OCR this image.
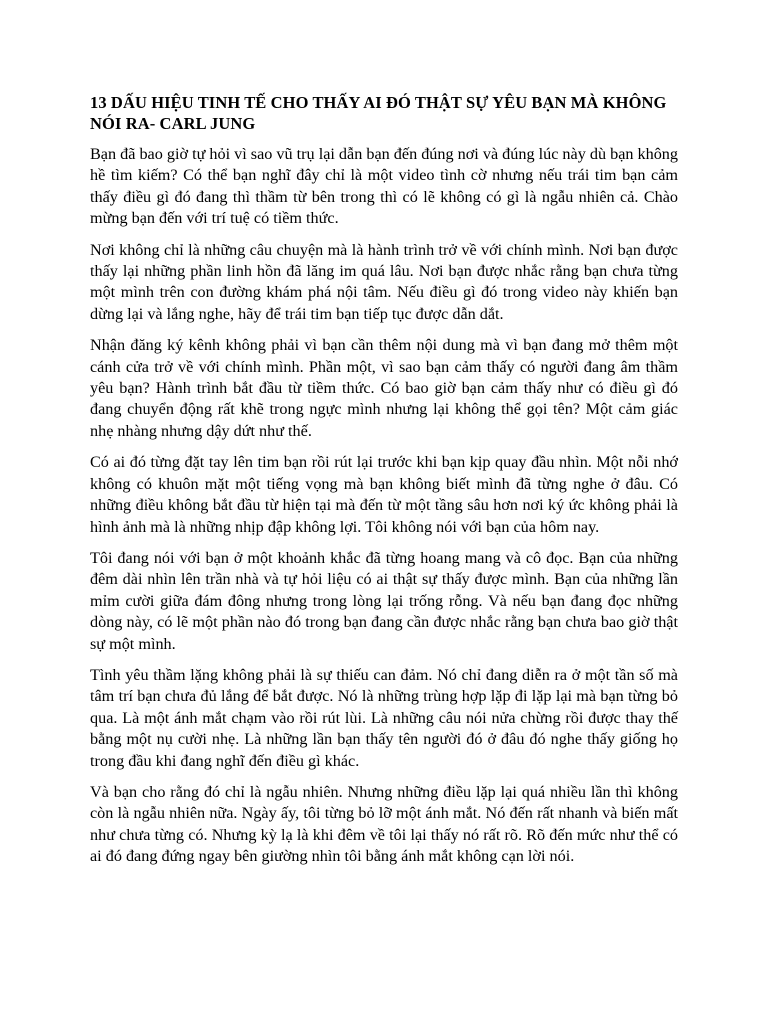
13 DẤU HIỆU TINH TẾ CHO THẤY AI ĐÓ THẬT SỰ YÊU BẠN MÀ KHÔNG NÓI RA- CARL JUNG

Bạn đã bao giờ tự hỏi vì sao vũ trụ lại dẫn bạn đến đúng nơi và đúng lúc này dù bạn không hề tìm kiếm? Có thể bạn nghĩ đây chỉ là một video tình cờ nhưng nếu trái tim bạn cảm thấy điều gì đó đang thì thầm từ bên trong thì có lẽ không có gì là ngẫu nhiên cả. Chào mừng bạn đến với trí tuệ có tiềm thức.

Nơi không chỉ là những câu chuyện mà là hành trình trở về với chính mình. Nơi bạn được thấy lại những phần linh hồn đã lăng im quá lâu. Nơi bạn được nhắc rằng bạn chưa từng một mình trên con đường khám phá nội tâm. Nếu điều gì đó trong video này khiến bạn dừng lại và lắng nghe, hãy để trái tim bạn tiếp tục được dẫn dắt.

Nhận đăng ký kênh không phải vì bạn cần thêm nội dung mà vì bạn đang mở thêm một cánh cửa trở về với chính mình. Phần một, vì sao bạn cảm thấy có người đang âm thầm yêu bạn? Hành trình bắt đầu từ tiềm thức. Có bao giờ bạn cảm thấy như có điều gì đó đang chuyển động rất khẽ trong ngực mình nhưng lại không thể gọi tên? Một cảm giác nhẹ nhàng nhưng dậy dứt như thế.

Có ai đó từng đặt tay lên tim bạn rồi rút lại trước khi bạn kịp quay đầu nhìn. Một nỗi nhớ không có khuôn mặt một tiếng vọng mà bạn không biết mình đã từng nghe ở đâu. Có những điều không bắt đầu từ hiện tại mà đến từ một tầng sâu hơn nơi ký ức không phải là hình ảnh mà là những nhịp đập không lợi. Tôi không nói với bạn của hôm nay.

Tôi đang nói với bạn ở một khoảnh khắc đã từng hoang mang và cô đọc. Bạn của những đêm dài nhìn lên trần nhà và tự hỏi liệu có ai thật sự thấy được mình. Bạn của những lần mỉm cười giữa đám đông nhưng trong lòng lại trống rỗng. Và nếu bạn đang đọc những dòng này, có lẽ một phần nào đó trong bạn đang cần được nhắc rằng bạn chưa bao giờ thật sự một mình.

Tình yêu thầm lặng không phải là sự thiếu can đảm. Nó chỉ đang diễn ra ở một tần số mà tâm trí bạn chưa đủ lắng để bắt được. Nó là những trùng hợp lặp đi lặp lại mà bạn từng bỏ qua. Là một ánh mắt chạm vào rồi rút lùi. Là những câu nói nửa chừng rồi được thay thế bằng một nụ cười nhẹ. Là những lần bạn thấy tên người đó ở đâu đó nghe thấy giống họ trong đầu khi đang nghĩ đến điều gì khác.

Và bạn cho rằng đó chỉ là ngẫu nhiên. Nhưng những điều lặp lại quá nhiều lần thì không còn là ngẫu nhiên nữa. Ngày ấy, tôi từng bỏ lỡ một ánh mắt. Nó đến rất nhanh và biến mất như chưa từng có. Nhưng kỳ lạ là khi đêm về tôi lại thấy nó rất rõ. Rõ đến mức như thể có ai đó đang đứng ngay bên giường nhìn tôi bằng ánh mắt không cạn lời nói.
